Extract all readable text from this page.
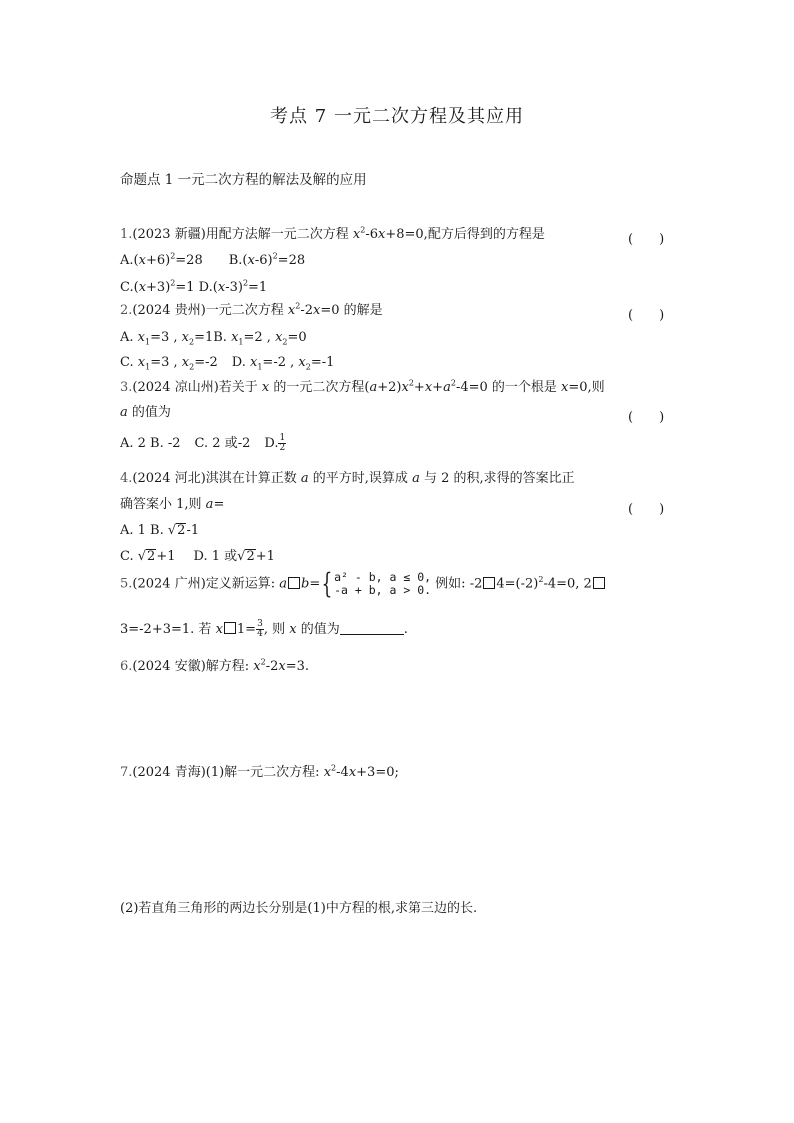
考点 7 一元二次方程及其应用
命题点 1 一元二次方程的解法及解的应用
1.(2023 新疆)用配方法解一元二次方程 $x^2-6x+8=0$,配方后得到的方程是	(　　)
$A.(x+6)^2=28$ $B.(x-6)^2=28$
$C.(x+3)^2=1$ $D.(x-3)^2=1$
2.(2024 贵州)一元二次方程 $x^2-2x=0$ 的解是	(　　)
A. $x_1=3$ , $x_2=1B$. $x_1=2$ , $x_2=0$
C. $x_1=3$ , $x_2=-2$ D. $x_1=-2$ , $x_2=-1$
3.(2024 凉山州)若关于 x 的一元二次方程$(a+2)x^2+x+a^2-4=0$ 的一个根是 x=0,则
a 的值为	(　　)
A. 2 B. -2 C. 2 或-2 D. $\frac{1}{2}$
4.(2024 河北)淇淇在计算正数 a 的平方时,误算成 a 与 2 的积,求得的答案比正
确答案小 1,则 a=	(　　)
A. 1 B. √2-1
C. √2+1 D. 1 或√2+1
5.(2024 广州)定义新运算: a b={ a² - b, a ≤ 0,
-a + b, a > 0. 例如: -2 $4=(-2)^2-4=0$, 2
3=-2+3=1. 若 x $1= \frac{3}{4}$ , 则 x 的值为	.
6.(2024 安徽)解方程: $x^2-2x=3$.
7.(2024 青海)(1)解一元二次方程: $x^2-4x+3=0$;
(2)若直角三角形的两边长分别是(1)中方程的根,求第三边的长.
